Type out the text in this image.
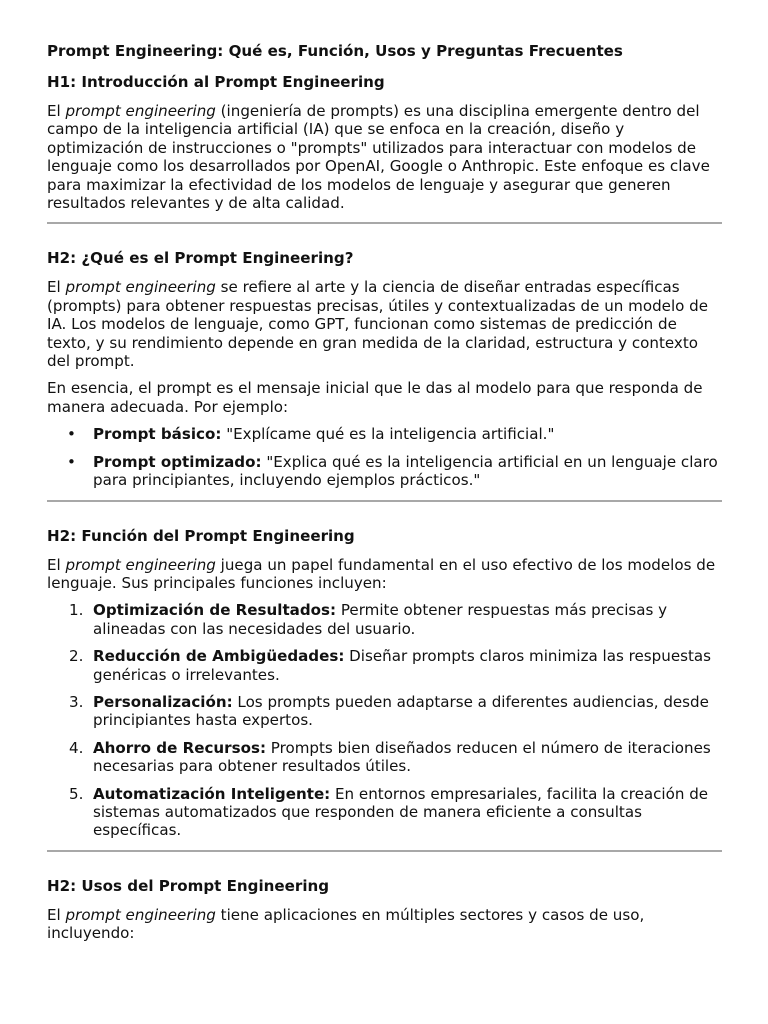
Prompt Engineering: Qué es, Función, Usos y Preguntas Frecuentes
H1: Introducción al Prompt Engineering

El prompt engineering (ingeniería de prompts) es una disciplina emergente dentro del campo de la inteligencia artificial (IA) que se enfoca en la creación, diseño y optimización de instrucciones o "prompts" utilizados para interactuar con modelos de lenguaje como los desarrollados por OpenAI, Google o Anthropic. Este enfoque es clave para maximizar la efectividad de los modelos de lenguaje y asegurar que generen resultados relevantes y de alta calidad.

H2: ¿Qué es el Prompt Engineering?

El prompt engineering se refiere al arte y la ciencia de diseñar entradas específicas (prompts) para obtener respuestas precisas, útiles y contextualizadas de un modelo de IA. Los modelos de lenguaje, como GPT, funcionan como sistemas de predicción de texto, y su rendimiento depende en gran medida de la claridad, estructura y contexto del prompt.

En esencia, el prompt es el mensaje inicial que le das al modelo para que responda de manera adecuada. Por ejemplo:

• Prompt básico: "Explícame qué es la inteligencia artificial."
• Prompt optimizado: "Explica qué es la inteligencia artificial en un lenguaje claro para principiantes, incluyendo ejemplos prácticos."
H2: Función del Prompt Engineering

El prompt engineering juega un papel fundamental en el uso efectivo de los modelos de lenguaje. Sus principales funciones incluyen:

1. Optimización de Resultados: Permite obtener respuestas más precisas y alineadas con las necesidades del usuario.
2. Reducción de Ambigüedades: Diseñar prompts claros minimiza las respuestas genéricas o irrelevantes.
3. Personalización: Los prompts pueden adaptarse a diferentes audiencias, desde principiantes hasta expertos.
4. Ahorro de Recursos: Prompts bien diseñados reducen el número de iteraciones necesarias para obtener resultados útiles.
5. Automatización Inteligente: En entornos empresariales, facilita la creación de sistemas automatizados que responden de manera eficiente a consultas específicas.
H2: Usos del Prompt Engineering

El prompt engineering tiene aplicaciones en múltiples sectores y casos de uso, incluyendo:
